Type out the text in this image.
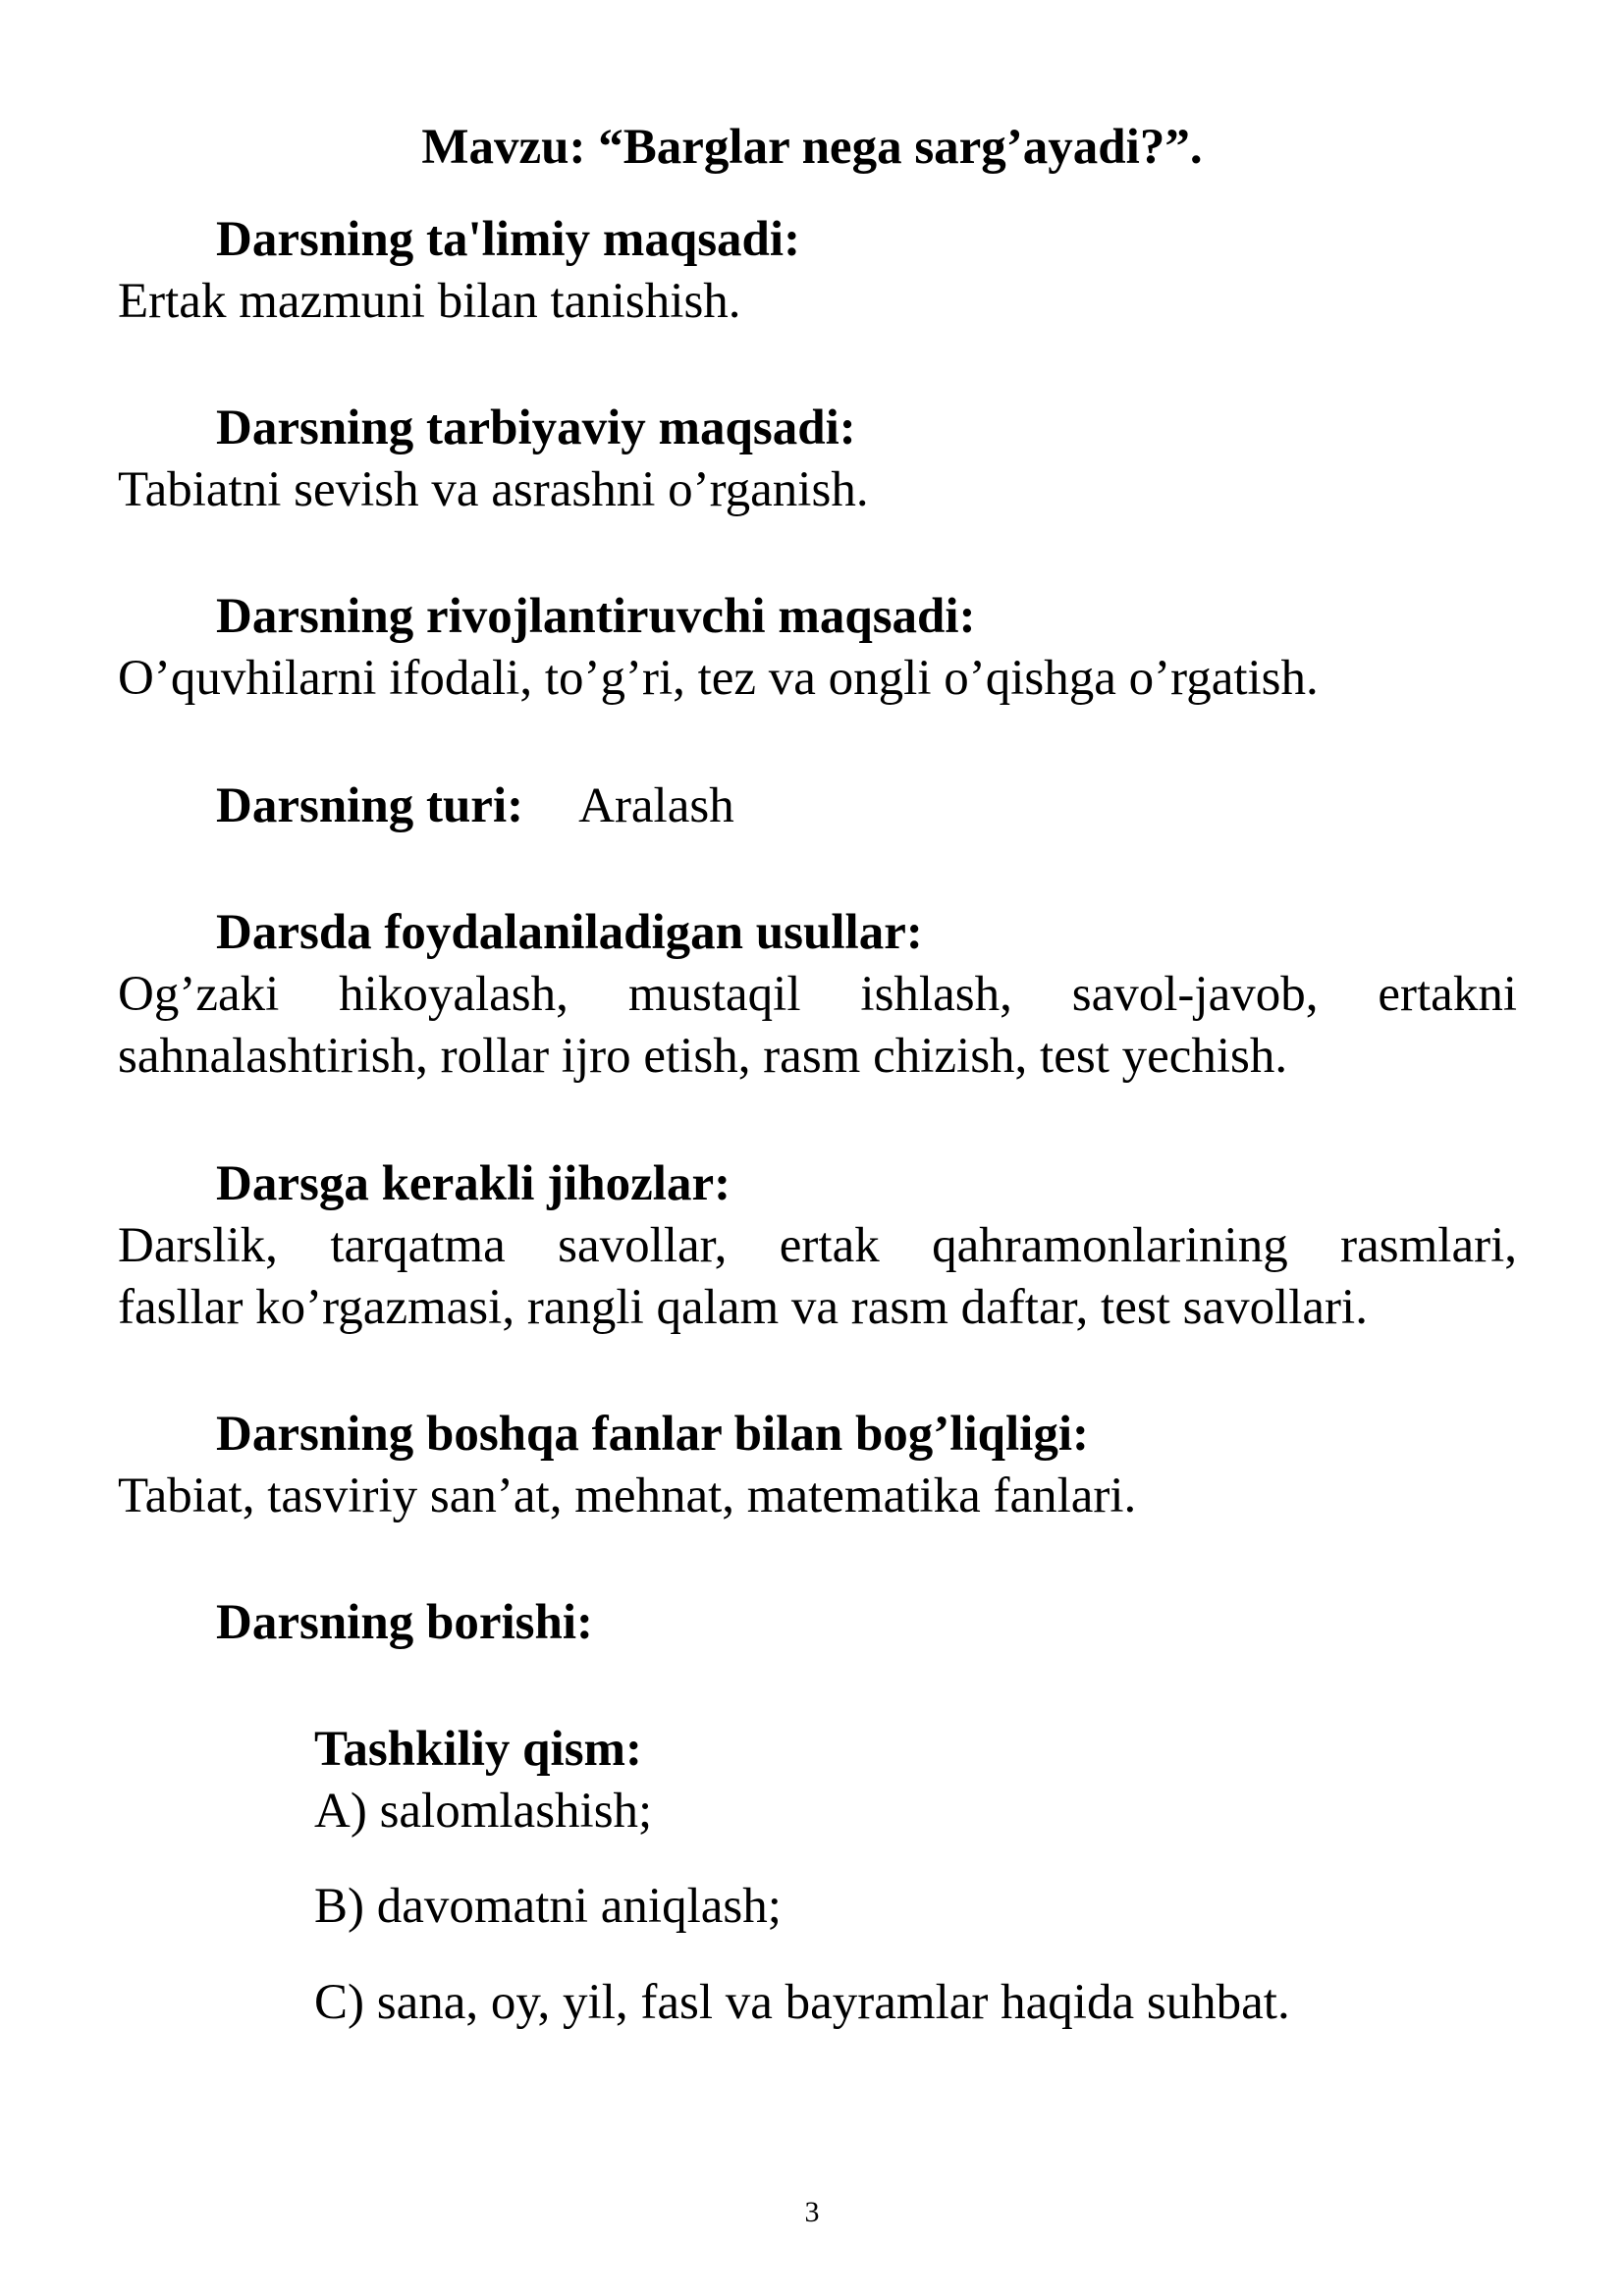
Mavzu: “Barglar nega sarg’ayadi?”.
Darsning ta'limiy maqsadi:
Ertak mazmuni bilan tanishish.
Darsning tarbiyaviy maqsadi:
Tabiatni sevish va asrashni o’rganish.
Darsning rivojlantiruvchi maqsadi:
O’quvhilarni ifodali, to’g’ri, tez va ongli o’qishga o’rgatish.
Darsning turi: Aralash
Darsda foydalaniladigan usullar:
Og’zaki hikoyalash, mustaqil ishlash, savol-javob, ertakni
sahnalashtirish, rollar ijro etish, rasm chizish, test yechish.
Darsga kerakli jihozlar:
Darslik, tarqatma savollar, ertak qahramonlarining rasmlari,
fasllar ko’rgazmasi, rangli qalam va rasm daftar, test savollari.
Darsning boshqa fanlar bilan bog’liqligi:
Tabiat, tasviriy san’at, mehnat, matematika fanlari.
Darsning borishi:
Tashkiliy qism:
A) salomlashish;
B) davomatni aniqlash;
C) sana, oy, yil, fasl va bayramlar haqida suhbat.
3
